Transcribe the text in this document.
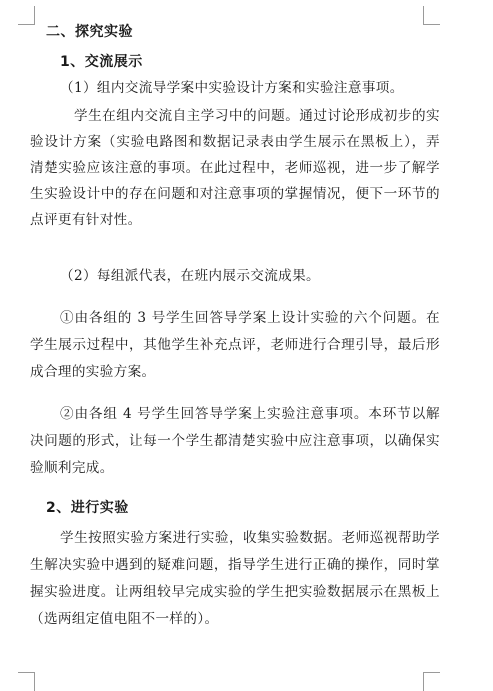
二、探究实验
1、交流展示

（1）组内交流导学案中实验设计方案和实验注意事项。

学生在组内交流自主学习中的问题。通过讨论形成初步的实验设计方案（实验电路图和数据记录表由学生展示在黑板上），弄清楚实验应该注意的事项。在此过程中，老师巡视，进一步了解学生实验设计中的存在问题和对注意事项的掌握情况，便下一环节的点评更有针对性。

（2）每组派代表，在班内展示交流成果。

①由各组的 3 号学生回答导学案上设计实验的六个问题。在学生展示过程中，其他学生补充点评，老师进行合理引导，最后形成合理的实验方案。

②由各组 4 号学生回答导学案上实验注意事项。本环节以解决问题的形式，让每一个学生都清楚实验中应注意事项，以确保实验顺利完成。

2、进行实验

学生按照实验方案进行实验，收集实验数据。老师巡视帮助学生解决实验中遇到的疑难问题，指导学生进行正确的操作，同时掌握实验进度。让两组较早完成实验的学生把实验数据展示在黑板上（选两组定值电阻不一样的）。
